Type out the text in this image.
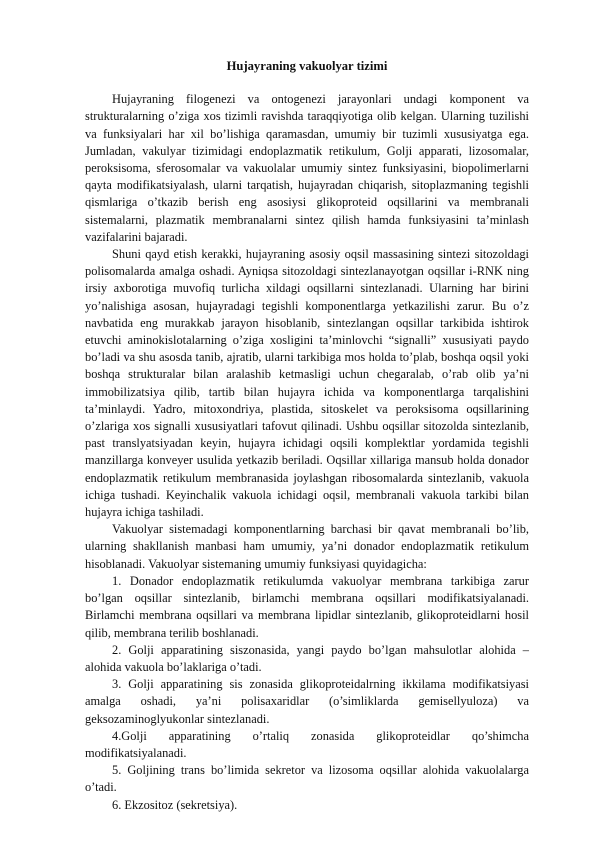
Hujayraning vakuolyar tizimi

Hujayraning filogenezi va ontogenezi jarayonlari undagi komponent va strukturalarning o’ziga xos tizimli ravishda taraqqiyotiga olib kelgan. Ularning tuzilishi va funksiyalari har xil bo’lishiga qaramasdan, umumiy bir tuzimli xususiyatga ega. Jumladan, vakulyar tizimidagi endoplazmatik retikulum, Golji apparati, lizosomalar, peroksisoma, sferosomalar va vakuolalar umumiy sintez funksiyasini, biopolimerlarni qayta modifikatsiyalash, ularni tarqatish, hujayradan chiqarish, sitoplazmaning tegishli qismlariga o’tkazib berish eng asosiysi glikoproteid oqsillarini va membranali sistemalarni, plazmatik membranalarni sintez qilish hamda funksiyasini ta’minlash vazifalarini bajaradi.

Shuni qayd etish kerakki, hujayraning asosiy oqsil massasining sintezi sitozoldagi polisomalarda amalga oshadi. Ayniqsa sitozoldagi sintezlanayotgan oqsillar i-RNK ning irsiy axborotiga muvofiq turlicha xildagi oqsillarni sintezlanadi. Ularning har birini yo’nalishiga asosan, hujayradagi tegishli komponentlarga yetkazilishi zarur. Bu o’z navbatida eng murakkab jarayon hisoblanib, sintezlangan oqsillar tarkibida ishtirok etuvchi aminokislotalarning o’ziga xosligini ta’minlovchi “signalli” xususiyati paydo bo’ladi va shu asosda tanib, ajratib, ularni tarkibiga mos holda to’plab, boshqa oqsil yoki boshqa strukturalar bilan aralashib ketmasligi uchun chegaralab, o’rab olib ya’ni immobilizatsiya qilib, tartib bilan hujayra ichida va komponentlarga tarqalishini ta’minlaydi. Yadro, mitoxondriya, plastida, sitoskelet va peroksisoma oqsillarining o’zlariga xos signalli xususiyatlari tafovut qilinadi. Ushbu oqsillar sitozolda sintezlanib, past translyatsiyadan keyin, hujayra ichidagi oqsili komplektlar yordamida tegishli manzillarga konveyer usulida yetkazib beriladi. Oqsillar xillariga mansub holda donador endoplazmatik retikulum membranasida joylashgan ribosomalarda sintezlanib, vakuola ichiga tushadi. Keyinchalik vakuola ichidagi oqsil, membranali vakuola tarkibi bilan hujayra ichiga tashiladi.

Vakuolyar sistemadagi komponentlarning barchasi bir qavat membranali bo’lib, ularning shakllanish manbasi ham umumiy, ya’ni donador endoplazmatik retikulum hisoblanadi. Vakuolyar sistemaning umumiy funksiyasi quyidagicha:

1. Donador endoplazmatik retikulumda vakuolyar membrana tarkibiga zarur bo’lgan oqsillar sintezlanib, birlamchi membrana oqsillari modifikatsiyalanadi. Birlamchi membrana oqsillari va membrana lipidlar sintezlanib, glikoproteidlarni hosil qilib, membrana terilib boshlanadi.

2. Golji apparatining siszonasida, yangi paydo bo’lgan mahsulotlar alohida – alohida vakuola bo’laklariga o’tadi.

3. Golji apparatining sis zonasida glikoproteidalrning ikkilama modifikatsiyasi amalga oshadi, ya’ni polisaxaridlar (o’simliklarda gemisellyuloza) va geksozaminoglyukonlar sintezlanadi.

4.Golji apparatining o’rtaliq zonasida glikoproteidlar qo’shimcha modifikatsiyalanadi.

5. Goljining trans bo’limida sekretor va lizosoma oqsillar alohida vakuolalarga o’tadi.

6. Ekzositoz (sekretsiya).
